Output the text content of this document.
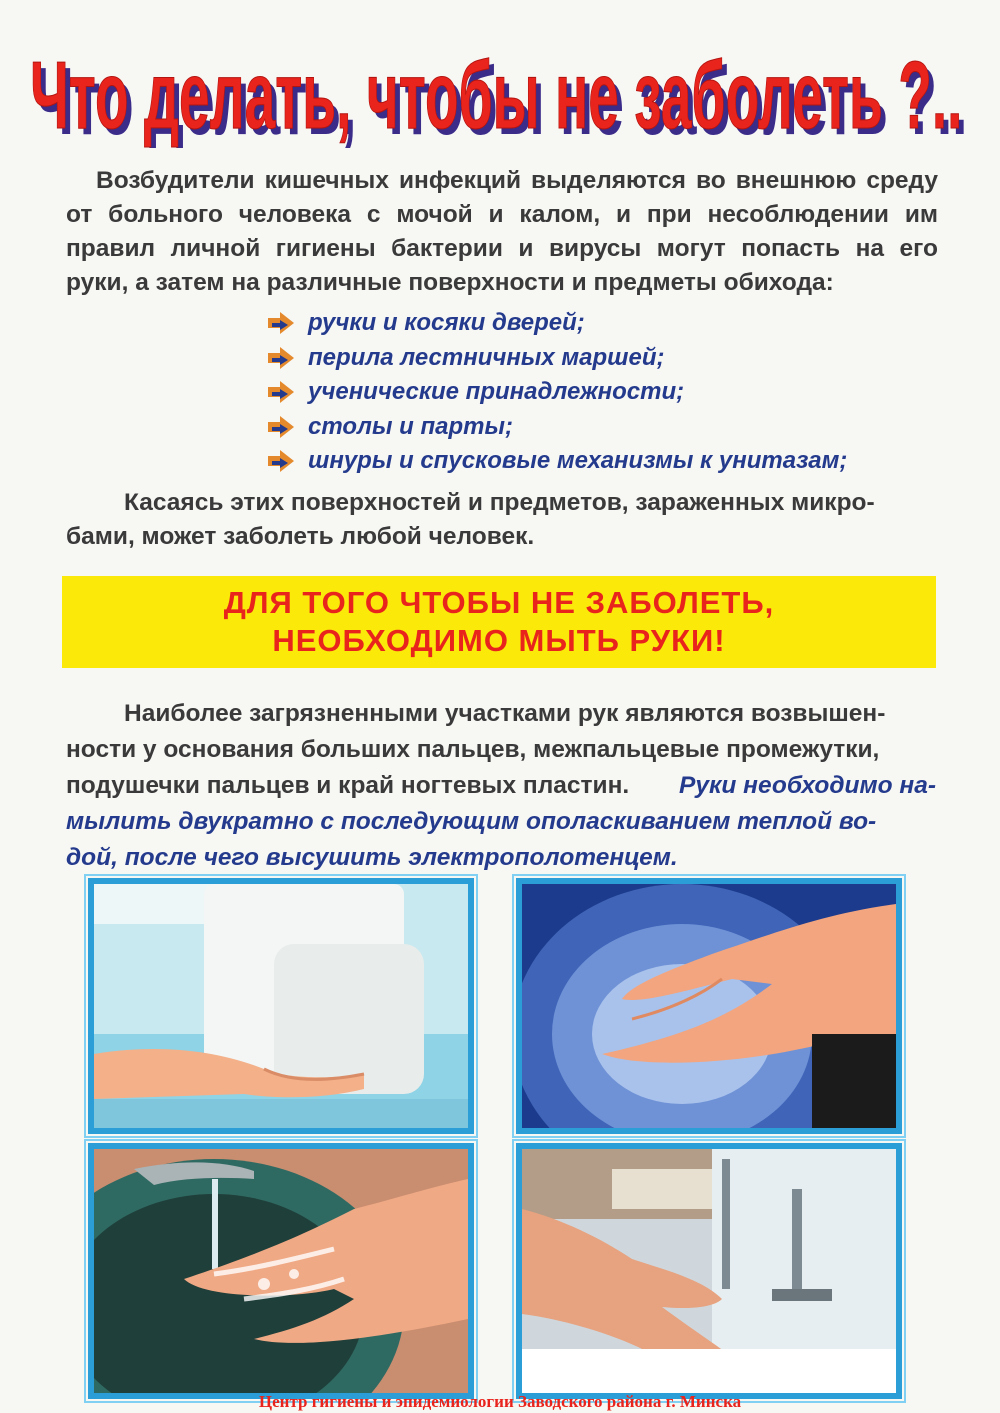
Что делать, чтобы не заболеть ?..
Что делать, чтобы не заболеть ?..
Возбудители кишечных инфекций выделяются во внешнюю среду от больного человека с мочой и калом, и при несоблюдении им правил личной гигиены бактерии и вирусы могут попасть на его руки, а затем на различные поверхности и предметы обихода:
ручки и косяки дверей;
перила лестничных маршей;
ученические принадлежности;
столы и парты;
шнуры и спусковые механизмы к унитазам;
Касаясь этих поверхностей и предметов, зараженных микро-
бами, может заболеть любой человек.
ДЛЯ ТОГО ЧТОБЫ НЕ ЗАБОЛЕТЬ,
НЕОБХОДИМО МЫТЬ РУКИ!
Наиболее загрязненными участками рук являются возвышен-
ности у основания больших пальцев, межпальцевые промежутки,
подушечки пальцев и край ногтевых пластин. Руки необходимо на-
мылить двукратно с последующим ополаскиванием теплой во-
дой, после чего высушить электрополотенцем.
Центр гигиены и эпидемиологии Заводского района г. Минска
